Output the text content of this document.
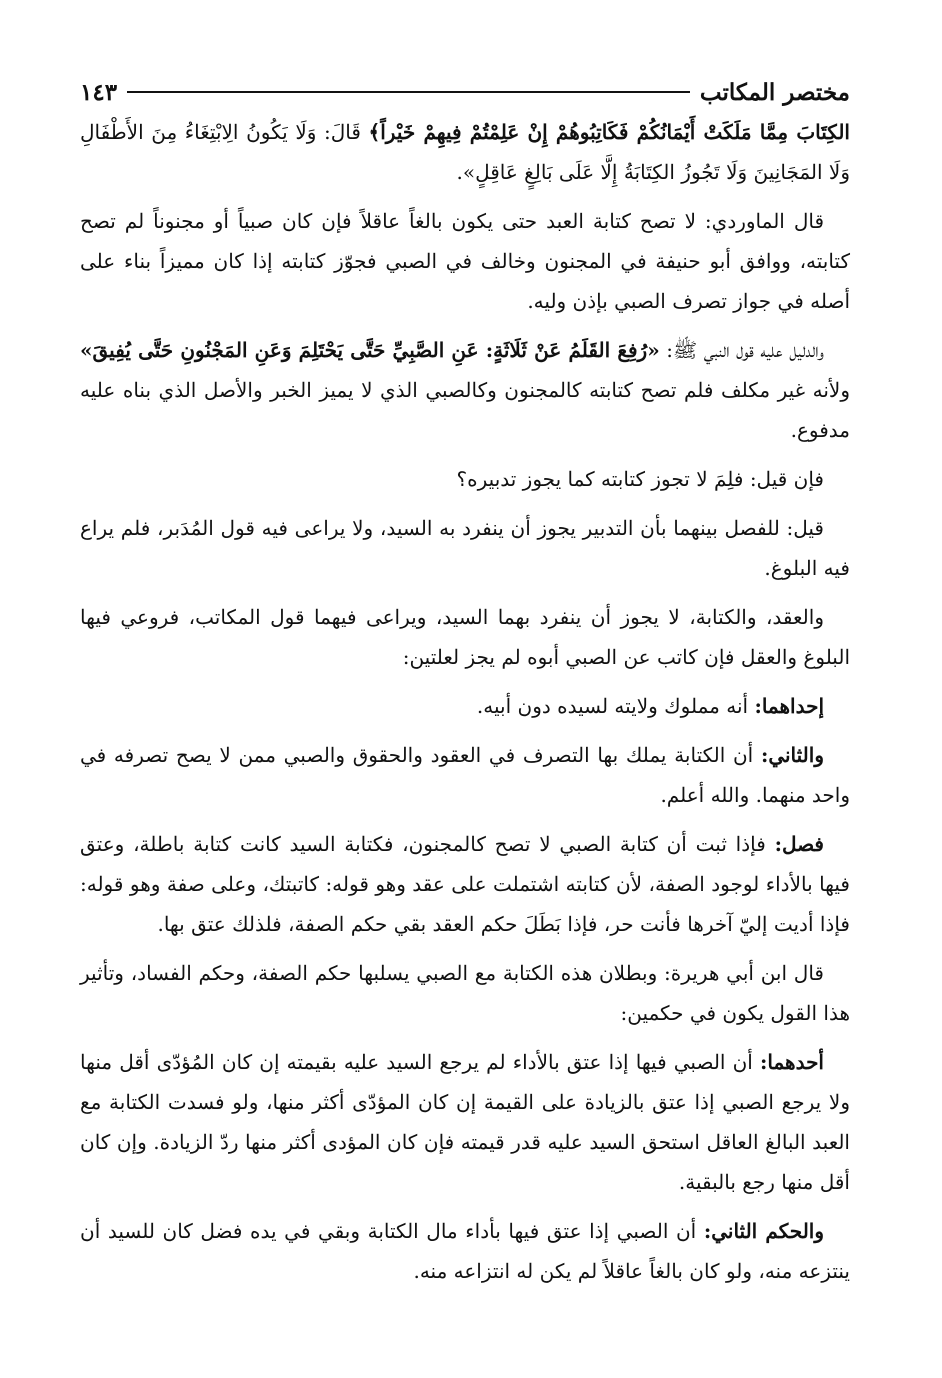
مختصر المكاتب
١٤٣

الكِتَابَ مِمَّا مَلَكَتْ أَيْمَانُكُمْ فَكَاتِبُوهُمْ إِنْ عَلِمْتُمْ فِيهِمْ خَيْراً﴾ قَالَ: وَلَا يَكُونُ الِابْتِغَاءُ مِنَ الأَطْفَالِ وَلَا المَجَانِينَ وَلَا تَجُوزُ الكِتَابَةُ إِلَّا عَلَى بَالِغٍ عَاقِلٍ».

قال الماوردي: لا تصح كتابة العبد حتى يكون بالغاً عاقلاً فإن كان صبياً أو مجنوناً لم تصح كتابته، ووافق أبو حنيفة في المجنون وخالف في الصبي فجوّز كتابته إذا كان مميزاً بناء على أصله في جواز تصرف الصبي بإذن وليه.

والدليل عليه قول النبي ﷺ: «رُفِعَ القَلَمُ عَنْ ثَلَاثَةٍ: عَنِ الصَّبِيِّ حَتَّى يَحْتَلِمَ وَعَنِ المَجْنُونِ حَتَّى يُفِيقَ» ولأنه غير مكلف فلم تصح كتابته كالمجنون وكالصبي الذي لا يميز الخبر والأصل الذي بناه عليه مدفوع.

فإن قيل: فلِمَ لا تجوز كتابته كما يجوز تدبيره؟

قيل: للفصل بينهما بأن التدبير يجوز أن ينفرد به السيد، ولا يراعى فيه قول المُدَبر، فلم يراع فيه البلوغ.

والعقد، والكتابة، لا يجوز أن ينفرد بهما السيد، ويراعى فيهما قول المكاتب، فروعي فيها البلوغ والعقل فإن كاتب عن الصبي أبوه لم يجز لعلتين:

إحداهما: أنه مملوك ولايته لسيده دون أبيه.

والثاني: أن الكتابة يملك بها التصرف في العقود والحقوق والصبي ممن لا يصح تصرفه في واحد منهما. والله أعلم.

فصل: فإذا ثبت أن كتابة الصبي لا تصح كالمجنون، فكتابة السيد كانت كتابة باطلة، وعتق فيها بالأداء لوجود الصفة، لأن كتابته اشتملت على عقد وهو قوله: كاتبتك، وعلى صفة وهو قوله: فإذا أديت إليّ آخرها فأنت حر، فإذا بَطَلَ حكم العقد بقي حكم الصفة، فلذلك عتق بها.

قال ابن أبي هريرة: وبطلان هذه الكتابة مع الصبي يسلبها حكم الصفة، وحكم الفساد، وتأثير هذا القول يكون في حكمين:

أحدهما: أن الصبي فيها إذا عتق بالأداء لم يرجع السيد عليه بقيمته إن كان المُؤدّى أقل منها ولا يرجع الصبي إذا عتق بالزيادة على القيمة إن كان المؤدّى أكثر منها، ولو فسدت الكتابة مع العبد البالغ العاقل استحق السيد عليه قدر قيمته فإن كان المؤدى أكثر منها ردّ الزيادة. وإن كان أقل منها رجع بالبقية.

والحكم الثاني: أن الصبي إذا عتق فيها بأداء مال الكتابة وبقي في يده فضل كان للسيد أن ينتزعه منه، ولو كان بالغاً عاقلاً لم يكن له انتزاعه منه.
